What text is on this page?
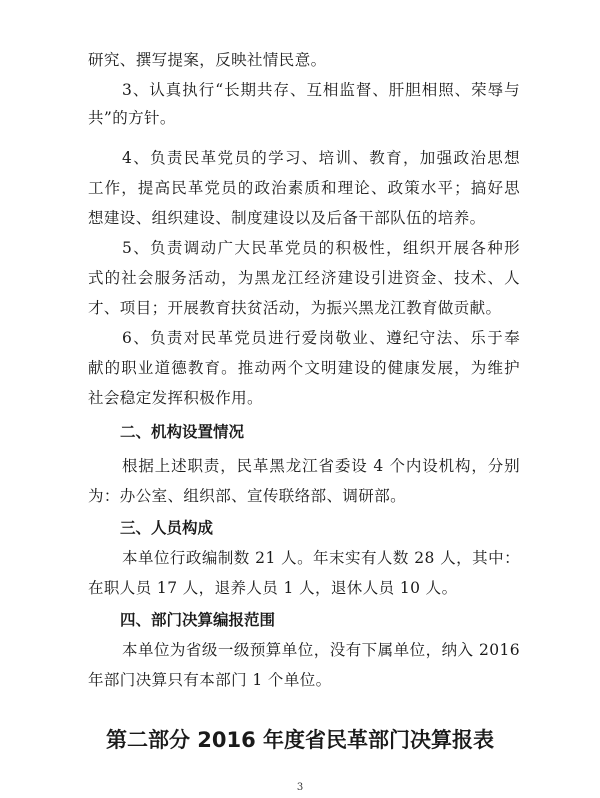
研究、撰写提案，反映社情民意。
3、认真执行“长期共存、互相监督、肝胆相照、荣辱与
共”的方针。
4、负责民革党员的学习、培训、教育，加强政治思想
工作，提高民革党员的政治素质和理论、政策水平；搞好思
想建设、组织建设、制度建设以及后备干部队伍的培养。
5、负责调动广大民革党员的积极性，组织开展各种形
式的社会服务活动，为黑龙江经济建设引进资金、技术、人
才、项目；开展教育扶贫活动，为振兴黑龙江教育做贡献。
6、负责对民革党员进行爱岗敬业、遵纪守法、乐于奉
献的职业道德教育。推动两个文明建设的健康发展，为维护
社会稳定发挥积极作用。
二、机构设置情况
根据上述职责，民革黑龙江省委设 4 个内设机构，分别
为：办公室、组织部、宣传联络部、调研部。
三、人员构成
本单位行政编制数 21 人。年末实有人数 28 人，其中：
在职人员 17 人，退养人员 1 人，退休人员 10 人。
四、部门决算编报范围
本单位为省级一级预算单位，没有下属单位，纳入 2016
年部门决算只有本部门 1 个单位。
第二部分 2016 年度省民革部门决算报表
3
